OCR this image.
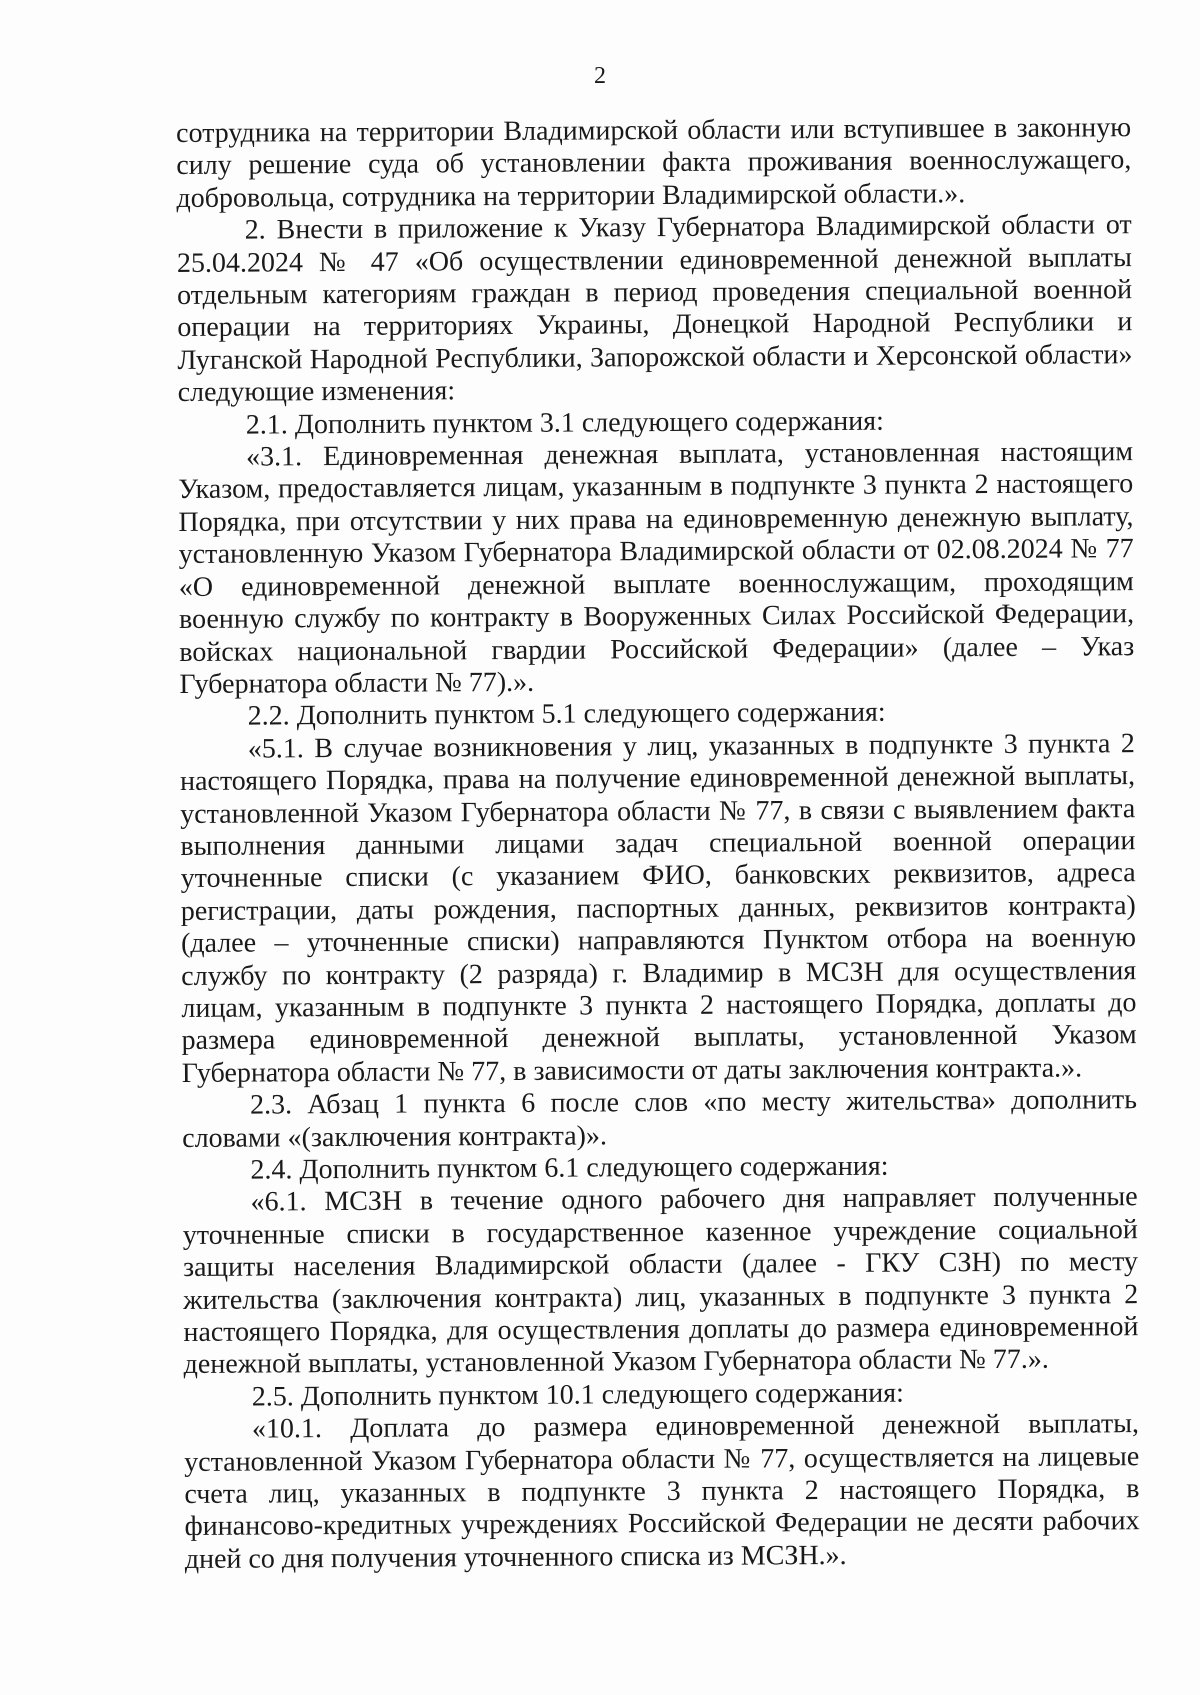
2

сотрудника на территории Владимирской области или вступившее в законную силу решение суда об установлении факта проживания военнослужащего, добровольца, сотрудника на территории Владимирской области.».

2. Внести в приложение к Указу Губернатора Владимирской области от 25.04.2024 № 47 «Об осуществлении единовременной денежной выплаты отдельным категориям граждан в период проведения специальной военной операции на территориях Украины, Донецкой Народной Республики и Луганской Народной Республики, Запорожской области и Херсонской области» следующие изменения:

2.1. Дополнить пунктом 3.1 следующего содержания:

«3.1. Единовременная денежная выплата, установленная настоящим Указом, предоставляется лицам, указанным в подпункте 3 пункта 2 настоящего Порядка, при отсутствии у них права на единовременную денежную выплату, установленную Указом Губернатора Владимирской области от 02.08.2024 № 77 «О единовременной денежной выплате военнослужащим, проходящим военную службу по контракту в Вооруженных Силах Российской Федерации, войсках национальной гвардии Российской Федерации» (далее – Указ Губернатора области № 77).».

2.2. Дополнить пунктом 5.1 следующего содержания:

«5.1. В случае возникновения у лиц, указанных в подпункте 3 пункта 2 настоящего Порядка, права на получение единовременной денежной выплаты, установленной Указом Губернатора области № 77, в связи с выявлением факта выполнения данными лицами задач специальной военной операции уточненные списки (с указанием ФИО, банковских реквизитов, адреса регистрации, даты рождения, паспортных данных, реквизитов контракта) (далее – уточненные списки) направляются Пунктом отбора на военную службу по контракту (2 разряда) г. Владимир в МСЗН для осуществления лицам, указанным в подпункте 3 пункта 2 настоящего Порядка, доплаты до размера единовременной денежной выплаты, установленной Указом Губернатора области № 77, в зависимости от даты заключения контракта.».

2.3. Абзац 1 пункта 6 после слов «по месту жительства» дополнить словами «(заключения контракта)».

2.4. Дополнить пунктом 6.1 следующего содержания:

«6.1. МСЗН в течение одного рабочего дня направляет полученные уточненные списки в государственное казенное учреждение социальной защиты населения Владимирской области (далее - ГКУ СЗН) по месту жительства (заключения контракта) лиц, указанных в подпункте 3 пункта 2 настоящего Порядка, для осуществления доплаты до размера единовременной денежной выплаты, установленной Указом Губернатора области № 77.».

2.5. Дополнить пунктом 10.1 следующего содержания:

«10.1. Доплата до размера единовременной денежной выплаты, установленной Указом Губернатора области № 77, осуществляется на лицевые счета лиц, указанных в подпункте 3 пункта 2 настоящего Порядка, в финансово-кредитных учреждениях Российской Федерации не десяти рабочих дней со дня получения уточненного списка из МСЗН.».
